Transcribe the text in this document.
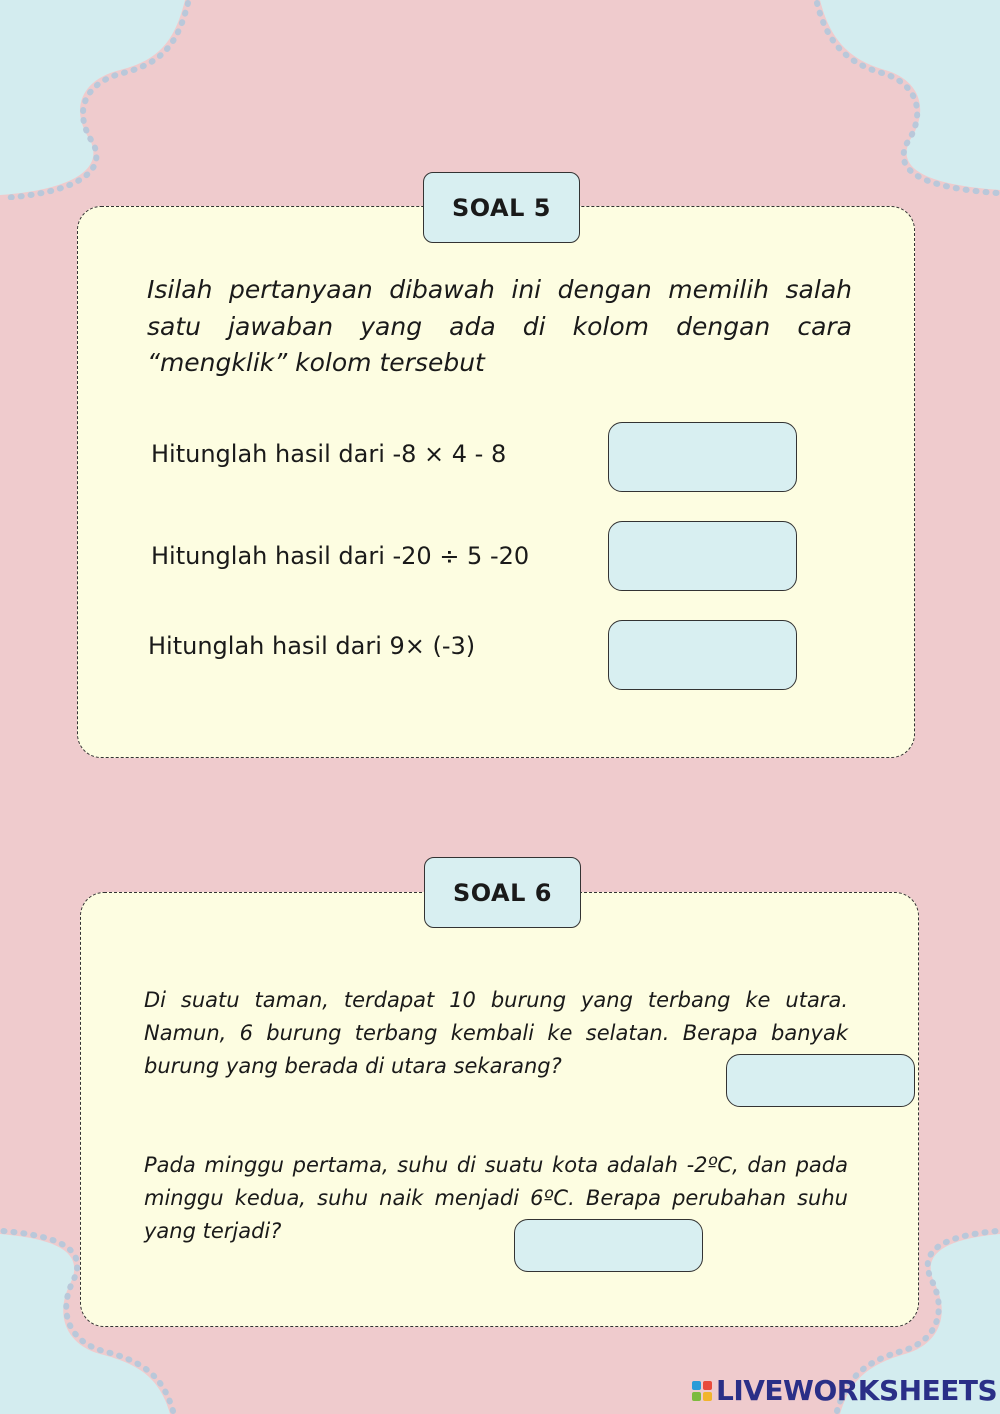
SOAL 5

Isilah pertanyaan dibawah ini dengan memilih salah satu jawaban yang ada di kolom dengan cara “mengklik” kolom tersebut

Hitunglah hasil dari -8 × 4 - 8
Hitunglah hasil dari -20 ÷ 5 -20
Hitunglah hasil dari 9× (-3)
SOAL 6

Di suatu taman, terdapat 10 burung yang terbang ke utara. Namun, 6 burung terbang kembali ke selatan. Berapa banyak burung yang berada di utara sekarang?

Pada minggu pertama, suhu di suatu kota adalah -2ºC, dan pada minggu kedua, suhu naik menjadi 6ºC. Berapa perubahan suhu yang terjadi?

LIVEWORKSHEETS
